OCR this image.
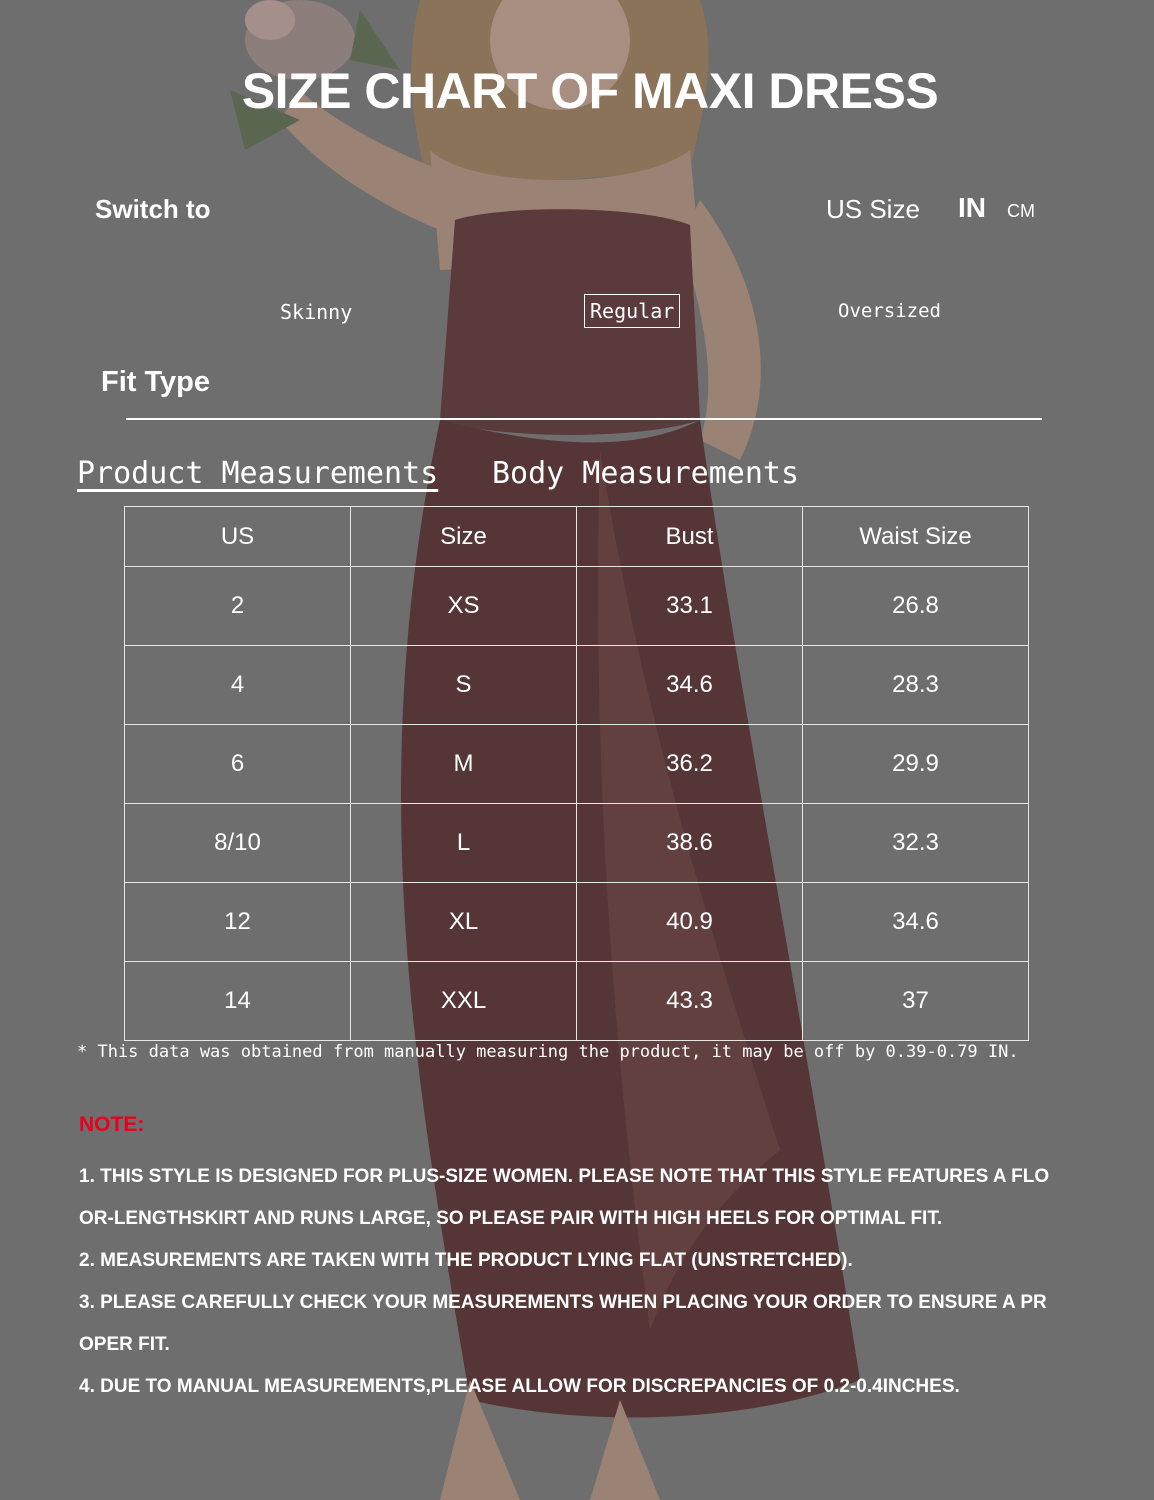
SIZE CHART OF MAXI DRESS
Switch to	US Size IN CM
Skinny	Regular	Oversized
Fit Type
Product Measurements Body Measurements
US	Size	Bust	Waist Size
2	XS	33.1	26.8
4	S	34.6	28.3
6	M	36.2	29.9
8/10	L	38.6	32.3
12	XL	40.9	34.6
14	XXL	43.3	37
* This data was obtained from manually measuring the product, it may be off by 0.39-0.79 IN.
NOTE:
1. THIS STYLE IS DESIGNED FOR PLUS-SIZE WOMEN. PLEASE NOTE THAT THIS STYLE FEATURES A FLOOR-LENGTHSKIRT AND RUNS LARGE, SO PLEASE PAIR WITH HIGH HEELS FOR OPTIMAL FIT.
2. MEASUREMENTS ARE TAKEN WITH THE PRODUCT LYING FLAT (UNSTRETCHED).
3. PLEASE CAREFULLY CHECK YOUR MEASUREMENTS WHEN PLACING YOUR ORDER TO ENSURE A PROPER FIT.
4. DUE TO MANUAL MEASUREMENTS,PLEASE ALLOW FOR DISCREPANCIES OF 0.2-0.4INCHES.
